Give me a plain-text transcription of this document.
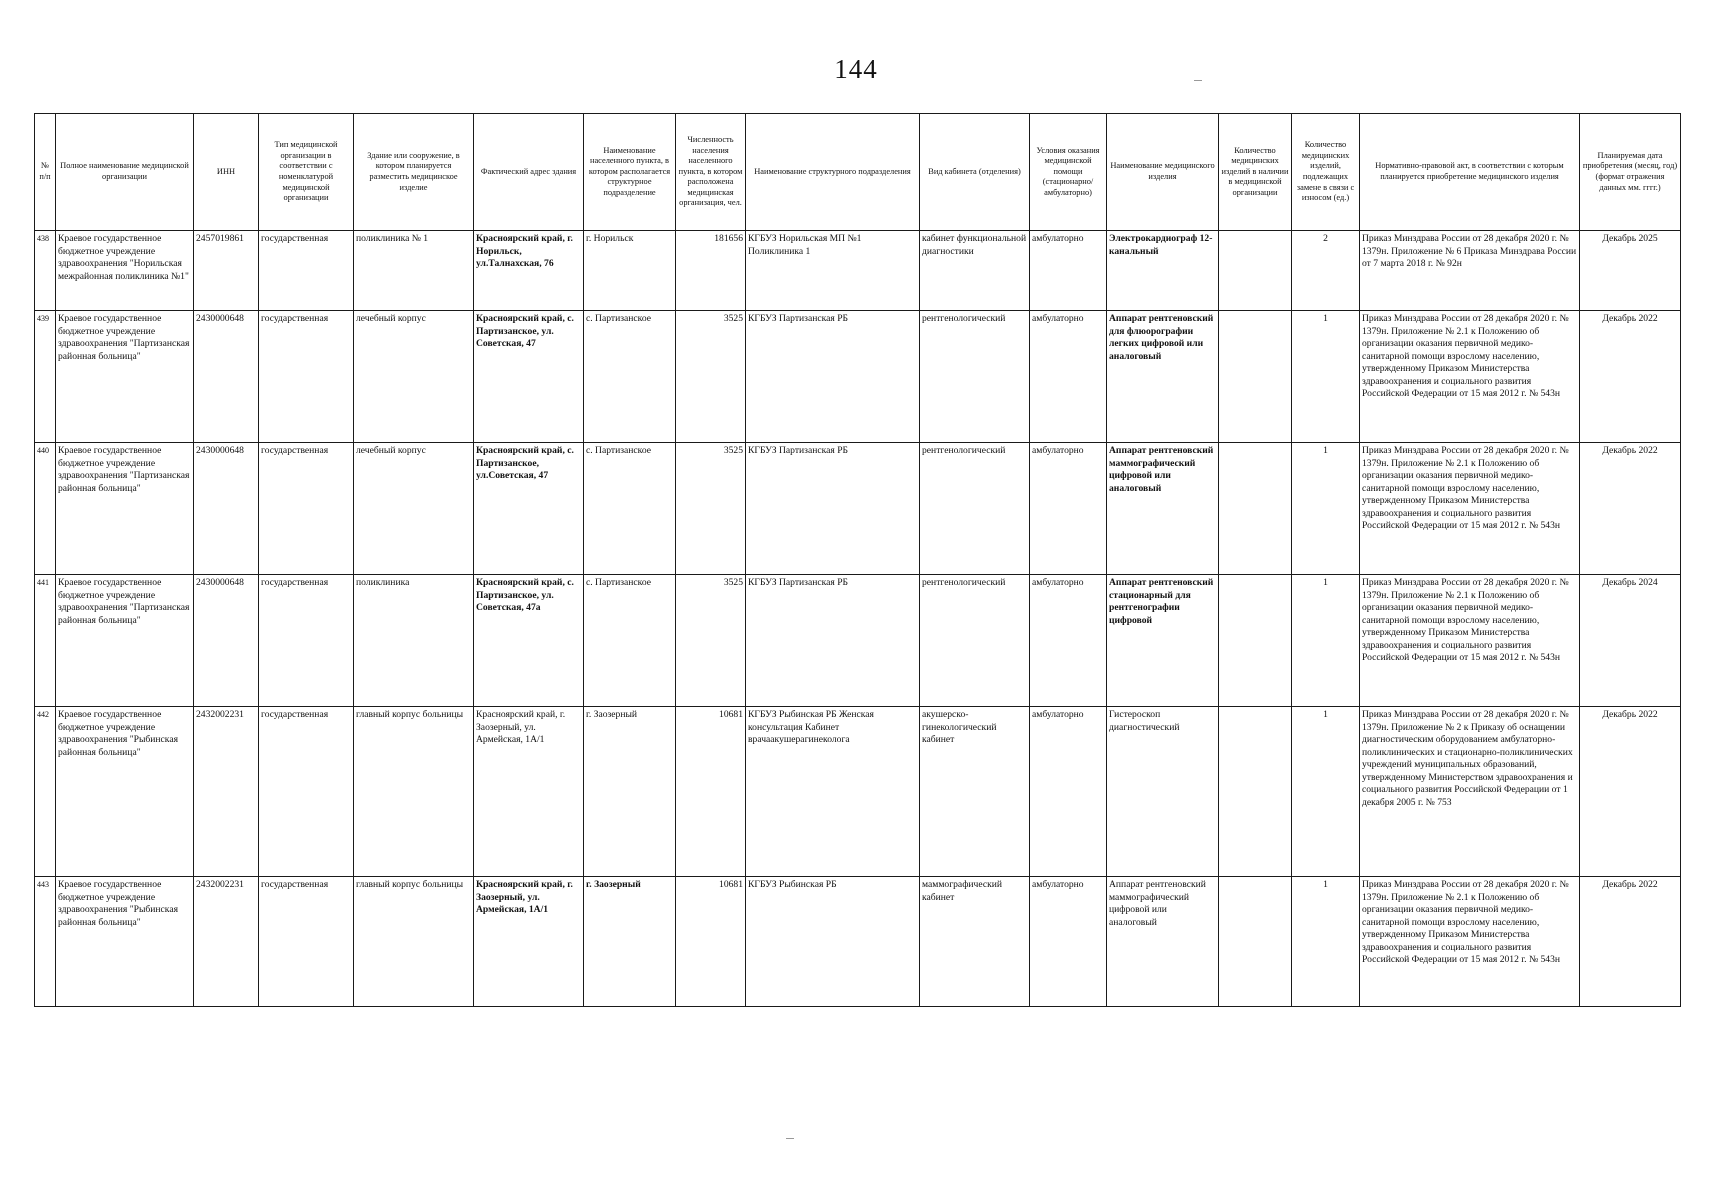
144
№ п/п	Полное наименование медицинской организации	ИНН	Тип медицинской организации в соответствии с номенклатурой медицинской организации	Здание или сооружение, в котором планируется разместить медицинское изделие	Фактический адрес здания	Наименование населенного пункта, в котором располагается структурное подразделение	Численность населения населенного пункта, в котором расположена медицинская организация, чел.	Наименование структурного подразделения	Вид кабинета (отделения)	Условия оказания медицинской помощи (стационарно/ амбулаторно)	Наименование медицинского изделия	Количество медицинских изделий в наличии в медицинской организации	Количество медицинских изделий, подлежащих замене в связи с износом (ед.)	Нормативно-правовой акт, в соответствии с которым планируется приобретение медицинского изделия	Планируемая дата приобретения (месяц, год) (формат отражения данных мм. гггг.)
438	Краевое государственное бюджетное учреждение здравоохранения "Норильская межрайонная поликлиника №1"	2457019861	государственная	поликлиника № 1	Красноярский край, г. Норильск, ул.Талнахская, 76	г. Норильск	181656	КГБУЗ Норильская МП №1 Поликлиника 1	кабинет функциональной диагностики	амбулаторно	Электрокардиограф 12-канальный		2	Приказ Минздрава России от 28 декабря 2020 г. № 1379н. Приложение № 6 Приказа Минздрава России от 7 марта 2018 г. № 92н	Декабрь 2025
439	Краевое государственное бюджетное учреждение здравоохранения "Партизанская районная больница"	2430000648	государственная	лечебный корпус	Красноярский край, с. Партизанское, ул. Советская, 47	с. Партизанское	3525	КГБУЗ Партизанская РБ	рентгенологический	амбулаторно	Аппарат рентгеновский для флюорографии легких цифровой или аналоговый		1	Приказ Минздрава России от 28 декабря 2020 г. № 1379н. Приложение № 2.1 к Положению об организации оказания первичной медико-санитарной помощи взрослому населению, утвержденному Приказом Министерства здравоохранения и социального развития Российской Федерации от 15 мая 2012 г. № 543н	Декабрь 2022
440	Краевое государственное бюджетное учреждение здравоохранения "Партизанская районная больница"	2430000648	государственная	лечебный корпус	Красноярский край, с. Партизанское, ул.Советская, 47	с. Партизанское	3525	КГБУЗ Партизанская РБ	рентгенологический	амбулаторно	Аппарат рентгеновский маммографический цифровой или аналоговый		1	Приказ Минздрава России от 28 декабря 2020 г. № 1379н. Приложение № 2.1 к Положению об организации оказания первичной медико-санитарной помощи взрослому населению, утвержденному Приказом Министерства здравоохранения и социального развития Российской Федерации от 15 мая 2012 г. № 543н	Декабрь 2022
441	Краевое государственное бюджетное учреждение здравоохранения "Партизанская районная больница"	2430000648	государственная	поликлиника	Красноярский край, с. Партизанское, ул. Советская, 47а	с. Партизанское	3525	КГБУЗ Партизанская РБ	рентгенологический	амбулаторно	Аппарат рентгеновский стационарный для рентгенографии цифровой		1	Приказ Минздрава России от 28 декабря 2020 г. № 1379н. Приложение № 2.1 к Положению об организации оказания первичной медико-санитарной помощи взрослому населению, утвержденному Приказом Министерства здравоохранения и социального развития Российской Федерации от 15 мая 2012 г. № 543н	Декабрь 2024
442	Краевое государственное бюджетное учреждение здравоохранения "Рыбинская районная больница"	2432002231	государственная	главный корпус больницы	Красноярский край, г. Заозерный, ул. Армейская, 1А/1	г. Заозерный	10681	КГБУЗ Рыбинская РБ Женская консультация Кабинет врачаакушерагинеколога	акушерско-гинекологический кабинет	амбулаторно	Гистероскоп диагностический		1	Приказ Минздрава России от 28 декабря 2020 г. № 1379н. Приложение № 2 к Приказу об оснащении диагностическим оборудованием амбулаторно-поликлинических и стационарно-поликлинических учреждений муниципальных образований, утвержденному Министерством здравоохранения и социального развития Российской Федерации от 1 декабря 2005 г. № 753	Декабрь 2022
443	Краевое государственное бюджетное учреждение здравоохранения "Рыбинская районная больница"	2432002231	государственная	главный корпус больницы	Красноярский край, г. Заозерный, ул. Армейская, 1А/1	г. Заозерный	10681	КГБУЗ Рыбинская РБ	маммографический кабинет	амбулаторно	Аппарат рентгеновский маммографический цифровой или аналоговый		1	Приказ Минздрава России от 28 декабря 2020 г. № 1379н. Приложение № 2.1 к Положению об организации оказания первичной медико-санитарной помощи взрослому населению, утвержденному Приказом Министерства здравоохранения и социального развития Российской Федерации от 15 мая 2012 г. № 543н	Декабрь 2022
